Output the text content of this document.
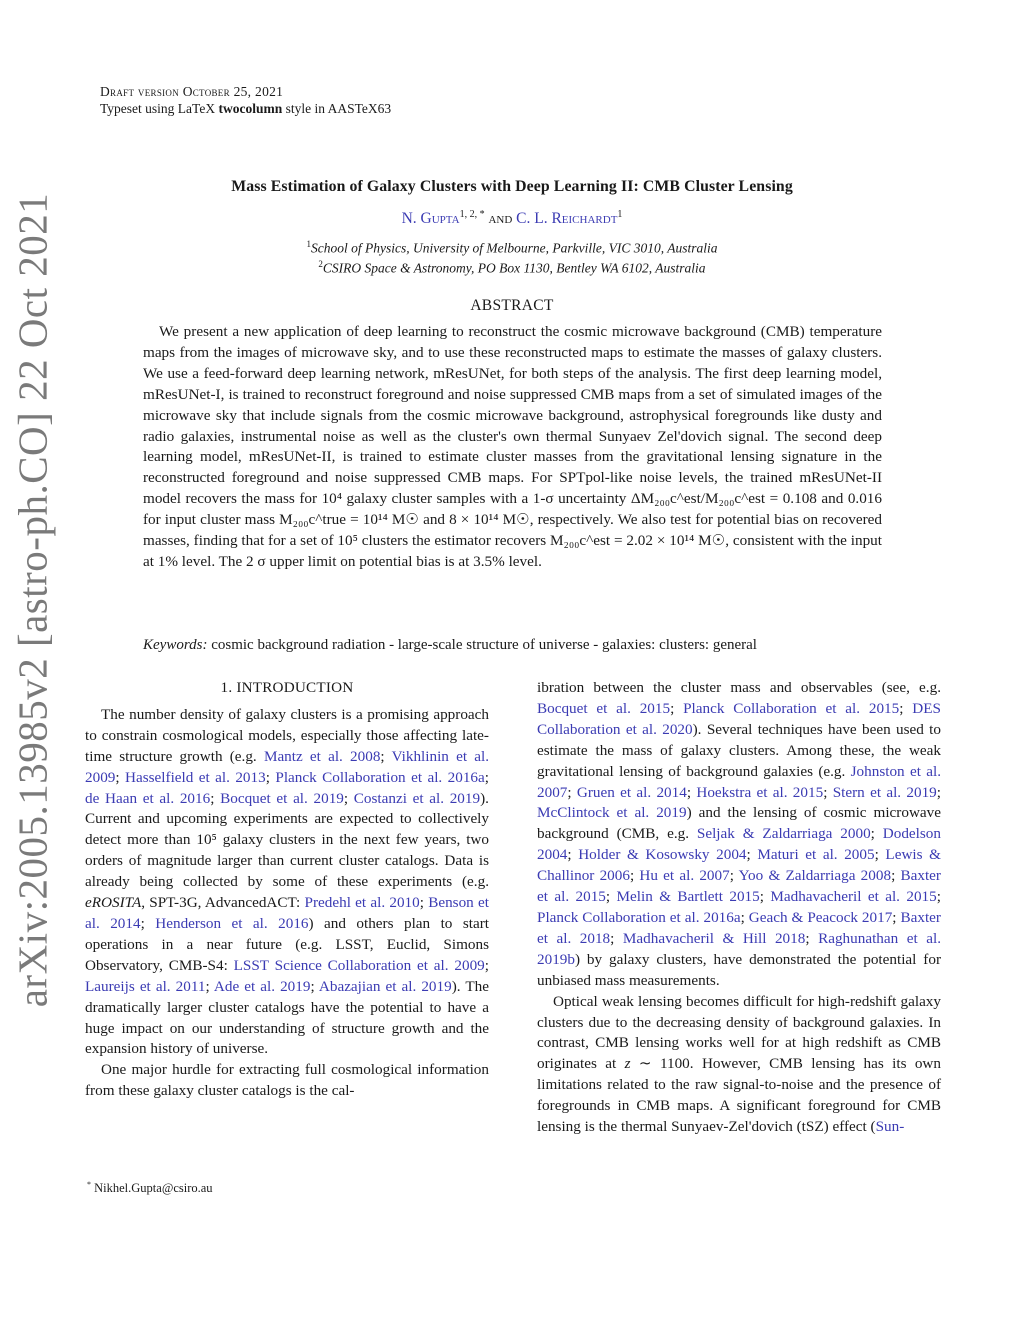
arXiv:2005.13985v2 [astro-ph.CO] 22 Oct 2021
Draft version October 25, 2021
Typeset using LaTeX twocolumn style in AASTeX63
Mass Estimation of Galaxy Clusters with Deep Learning II: CMB Cluster Lensing
N. Gupta$^{1, 2, *}$ and C. L. Reichardt$^1$
$^1$School of Physics, University of Melbourne, Parkville, VIC 3010, Australia
$^2$CSIRO Space & Astronomy, PO Box 1130, Bentley WA 6102, Australia
ABSTRACT

We present a new application of deep learning to reconstruct the cosmic microwave background (CMB) temperature maps from the images of microwave sky, and to use these reconstructed maps to estimate the masses of galaxy clusters. We use a feed-forward deep learning network, mResUNet, for both steps of the analysis. The first deep learning model, mResUNet-I, is trained to reconstruct foreground and noise suppressed CMB maps from a set of simulated images of the microwave sky that include signals from the cosmic microwave background, astrophysical foregrounds like dusty and radio galaxies, instrumental noise as well as the cluster's own thermal Sunyaev Zel'dovich signal. The second deep learning model, mResUNet-II, is trained to estimate cluster masses from the gravitational lensing signature in the reconstructed foreground and noise suppressed CMB maps. For SPTpol-like noise levels, the trained mResUNet-II model recovers the mass for 10⁴ galaxy cluster samples with a 1-σ uncertainty ΔM₂₀₀c^est/M₂₀₀c^est = 0.108 and 0.016 for input cluster mass M₂₀₀c^true = 10¹⁴ M☉ and 8 × 10¹⁴ M☉, respectively. We also test for potential bias on recovered masses, finding that for a set of 10⁵ clusters the estimator recovers M₂₀₀c^est = 2.02 × 10¹⁴ M☉, consistent with the input at 1% level. The 2 σ upper limit on potential bias is at 3.5% level.

Keywords: cosmic background radiation - large-scale structure of universe - galaxies: clusters: general
1. INTRODUCTION

The number density of galaxy clusters is a promising approach to constrain cosmological models, especially those affecting late-time structure growth (e.g. Mantz et al. 2008; Vikhlinin et al. 2009; Hasselfield et al. 2013; Planck Collaboration et al. 2016a; de Haan et al. 2016; Bocquet et al. 2019; Costanzi et al. 2019). Current and upcoming experiments are expected to collectively detect more than 10⁵ galaxy clusters in the next few years, two orders of magnitude larger than current cluster catalogs. Data is already being collected by some of these experiments (e.g. eROSITA, SPT-3G, AdvancedACT: Predehl et al. 2010; Benson et al. 2014; Henderson et al. 2016) and others plan to start operations in a near future (e.g. LSST, Euclid, Simons Observatory, CMB-S4: LSST Science Collaboration et al. 2009; Laureijs et al. 2011; Ade et al. 2019; Abazajian et al. 2019). The dramatically larger cluster catalogs have the potential to have a huge impact on our understanding of structure growth and the expansion history of universe.

One major hurdle for extracting full cosmological information from these galaxy cluster catalogs is the cal-

ibration between the cluster mass and observables (see, e.g. Bocquet et al. 2015; Planck Collaboration et al. 2015; DES Collaboration et al. 2020). Several techniques have been used to estimate the mass of galaxy clusters. Among these, the weak gravitational lensing of background galaxies (e.g. Johnston et al. 2007; Gruen et al. 2014; Hoekstra et al. 2015; Stern et al. 2019; McClintock et al. 2019) and the lensing of cosmic microwave background (CMB, e.g. Seljak & Zaldarriaga 2000; Dodelson 2004; Holder & Kosowsky 2004; Maturi et al. 2005; Lewis & Challinor 2006; Hu et al. 2007; Yoo & Zaldarriaga 2008; Baxter et al. 2015; Melin & Bartlett 2015; Madhavacheril et al. 2015; Planck Collaboration et al. 2016a; Geach & Peacock 2017; Baxter et al. 2018; Madhavacheril & Hill 2018; Raghunathan et al. 2019b) by galaxy clusters, have demonstrated the potential for unbiased mass measurements.

Optical weak lensing becomes difficult for high-redshift galaxy clusters due to the decreasing density of background galaxies. In contrast, CMB lensing works well for at high redshift as CMB originates at z ∼ 1100. However, CMB lensing has its own limitations related to the raw signal-to-noise and the presence of foregrounds in CMB maps. A significant foreground for CMB lensing is the thermal Sunyaev-Zel'dovich (tSZ) effect (Sun-

* Nikhel.Gupta@csiro.au
